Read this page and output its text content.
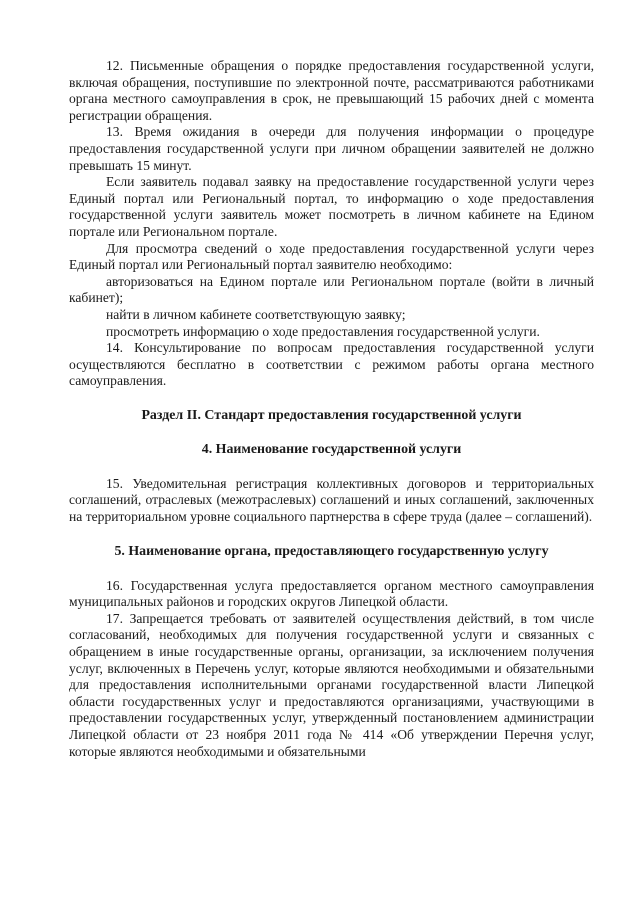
12. Письменные обращения о порядке предоставления государственной услуги, включая обращения, поступившие по электронной почте, рассматриваются работниками органа местного самоуправления в срок, не превышающий 15 рабочих дней с момента регистрации обращения.

13. Время ожидания в очереди для получения информации о процедуре предоставления государственной услуги при личном обращении заявителей не должно превышать 15 минут.

Если заявитель подавал заявку на предоставление государственной услуги через Единый портал или Региональный портал, то информацию о ходе предоставления государственной услуги заявитель может посмотреть в личном кабинете на Едином портале или Региональном портале.

Для просмотра сведений о ходе предоставления государственной услуги через Единый портал или Региональный портал заявителю необходимо:

авторизоваться на Едином портале или Региональном портале (войти в личный кабинет);

найти в личном кабинете соответствующую заявку;

просмотреть информацию о ходе предоставления государственной услуги.

14. Консультирование по вопросам предоставления государственной услуги осуществляются бесплатно в соответствии с режимом работы органа местного самоуправления.

Раздел II. Стандарт предоставления государственной услуги

4. Наименование государственной услуги

15. Уведомительная регистрация коллективных договоров и территориальных соглашений, отраслевых (межотраслевых) соглашений и иных соглашений, заключенных на территориальном уровне социального партнерства в сфере труда (далее – соглашений).

5. Наименование органа, предоставляющего государственную услугу

16. Государственная услуга предоставляется органом местного самоуправления муниципальных районов и городских округов Липецкой области.

17. Запрещается требовать от заявителей осуществления действий, в том числе согласований, необходимых для получения государственной услуги и связанных с обращением в иные государственные органы, организации, за исключением получения услуг, включенных в Перечень услуг, которые являются необходимыми и обязательными для предоставления исполнительными органами государственной власти Липецкой области государственных услуг и предоставляются организациями, участвующими в предоставлении государственных услуг, утвержденный постановлением администрации Липецкой области от 23 ноября 2011 года № 414 «Об утверждении Перечня услуг, которые являются необходимыми и обязательными
